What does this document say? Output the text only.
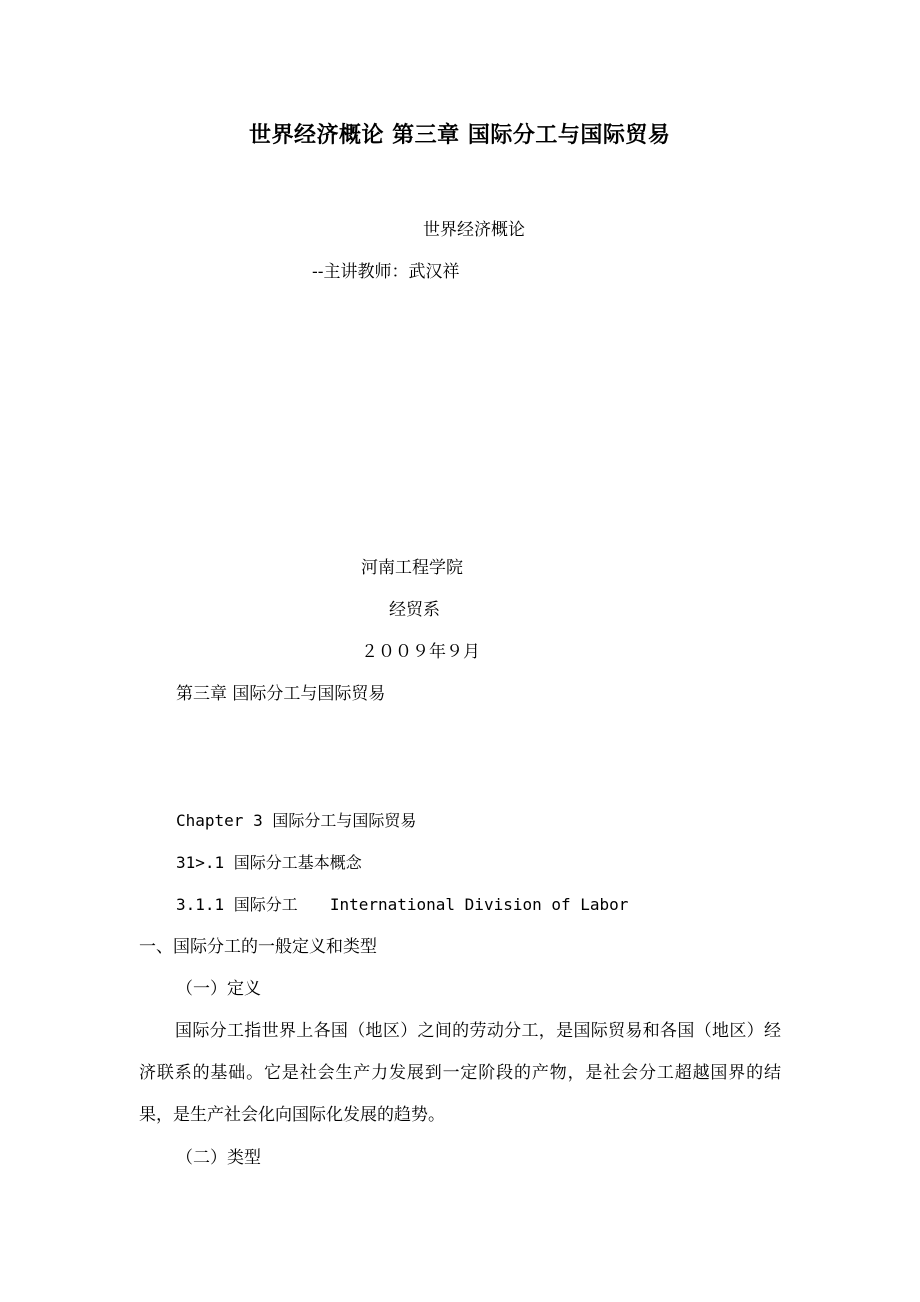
世界经济概论 第三章 国际分工与国际贸易
世界经济概论
--主讲教师：武汉祥
河南工程学院
经贸系
２００９年９月
第三章 国际分工与国际贸易
Chapter 3 国际分工与国际贸易
31>.1 国际分工基本概念
3.1.1 国际分工 International Division of Labor
一、国际分工的一般定义和类型
（一）定义
国际分工指世界上各国（地区）之间的劳动分工，是国际贸易和各国（地区）经济联系的基础。它是社会生产力发展到一定阶段的产物，是社会分工超越国界的结果，是生产社会化向国际化发展的趋势。
（二）类型
